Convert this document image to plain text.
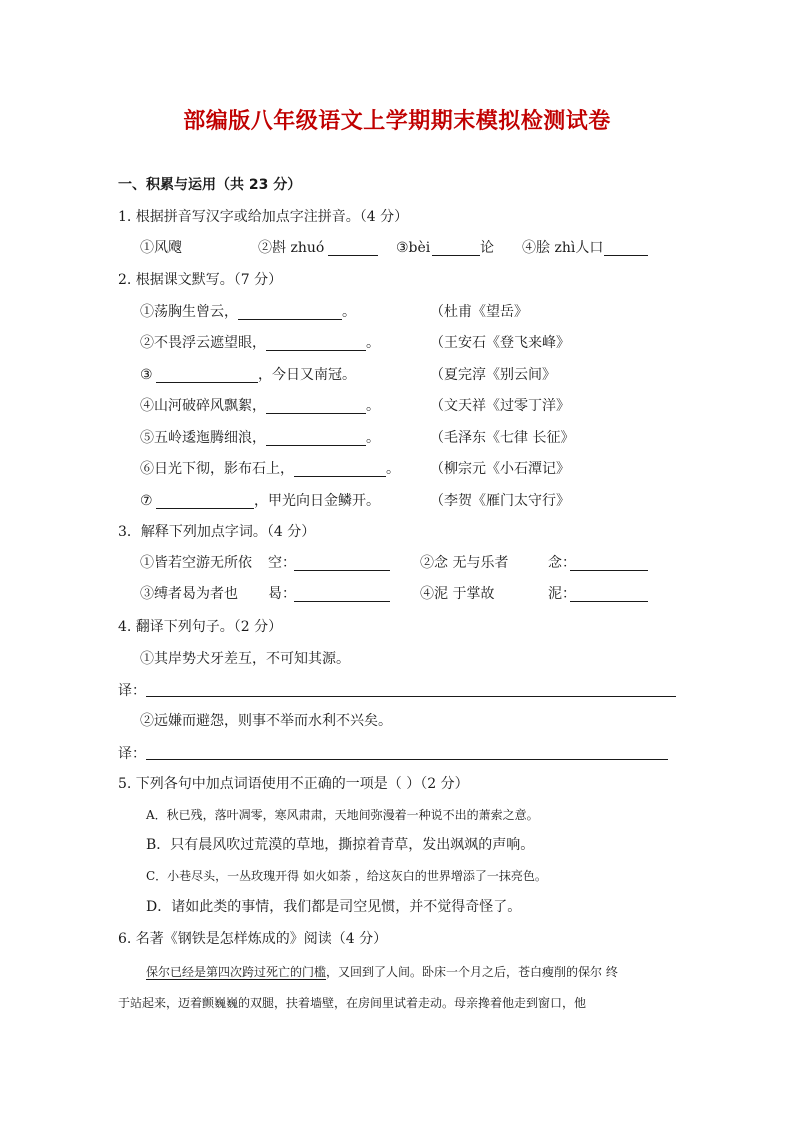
部编版八年级语文上学期期末模拟检测试卷
一、积累与运用（共 23 分）
1. 根据拼音写汉字或给加点字注拼音。（4 分）
①风飕	②斟 zhuó	③bèi	论 ④脍 zhì人口
2. 根据课文默写。（7 分）
①荡胸生曾云，	。	（杜甫《望岳》
②不畏浮云遮望眼，	。	（王安石《登飞来峰》
③	，今日又南冠。	（夏完淳《别云间》
④山河破碎风飘絮，	。	（文天祥《过零丁洋》
⑤五岭逶迤腾细浪，	。	（毛泽东《七律 长征》
⑥日光下彻，影布石上，	。 （柳宗元《小石潭记》
⑦	，甲光向日金鳞开。	（李贺《雁门太守行》
3．解释下列加点字词。（4 分）
①皆若空游无所依 空：	②念 无与乐者	念：
③缚者曷为者也 曷：	④泥 于掌故	泥：
4. 翻译下列句子。（2 分）
①其岸势犬牙差互，不可知其源。
译：
②远嫌而避怨，则事不举而水利不兴矣。
译：
5. 下列各句中加点词语使用不正确的一项是（ ）（2 分）
A．秋已残，落叶凋零，寒风肃肃，天地间弥漫着一种说不出的萧索之意。
B．只有晨风吹过荒漠的草地，撕掠着青草，发出飒飒的声响。
C．小巷尽头，一丛玫瑰开得 如火如荼 ，给这灰白的世界增添了一抹亮色。
D．诸如此类的事情，我们都是司空见惯，并不觉得奇怪了。
6. 名著《钢铁是怎样炼成的》阅读（4 分）
保尔已经是第四次跨过死亡的门槛，又回到了人间。卧床一个月之后，苍白瘦削的保尔 终
于站起来，迈着颤巍巍的双腿，扶着墙壁，在房间里试着走动。母亲搀着他走到窗口，他
